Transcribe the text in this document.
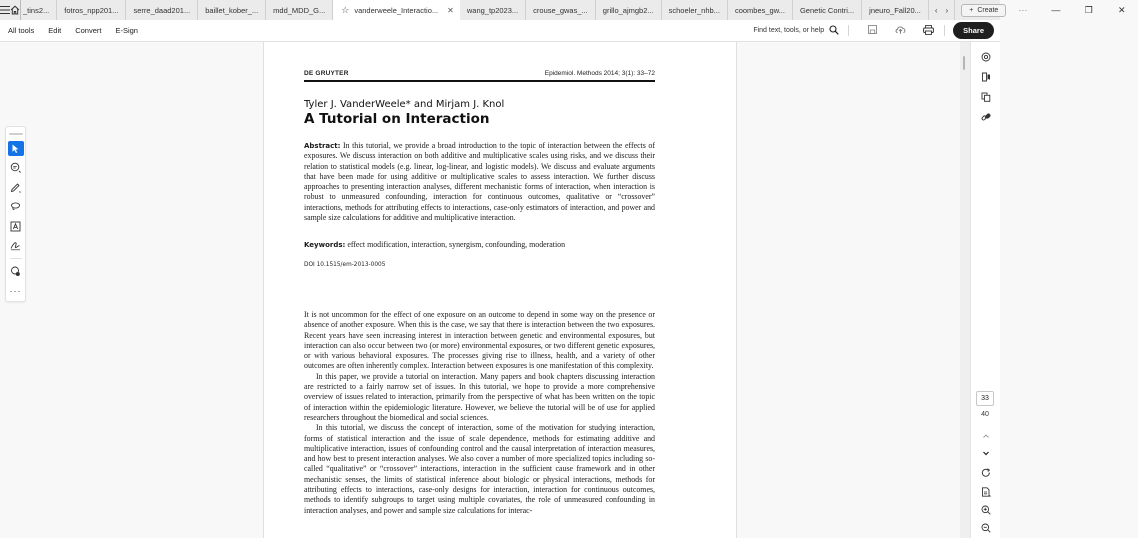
_tins2... fotros_npp201... serre_daad201... baillet_kober_... mdd_MDD_G... ☆ vanderweele_Interactio... ✕ wang_tp2023... crouse_gwas_... grillo_ajmgb2... schoeler_nhb... coombes_gw... Genetic Contri... jneuro_Fall20... ‹ ›	+ Create	···	—	❐	✕
All tools Edit Convert E-Sign	Find text, tools, or help	Share
DE GRUYTER	Epidemiol. Methods 2014; 3(1): 33–72
Tyler J. VanderWeele* and Mirjam J. Knol
A Tutorial on Interaction
Abstract: In this tutorial, we provide a broad introduction to the topic of interaction between the effects of exposures. We discuss interaction on both additive and multiplicative scales using risks, and we discuss their relation to statistical models (e.g. linear, log-linear, and logistic models). We discuss and evaluate arguments that have been made for using additive or multiplicative scales to assess interaction. We further discuss approaches to presenting interaction analyses, different mechanistic forms of interaction, when interaction is robust to unmeasured confounding, interaction for continuous outcomes, qualitative or “crossover” interactions, methods for attributing effects to interactions, case-only estimators of interaction, and power and sample size calculations for additive and multiplicative interaction.
Keywords: effect modification, interaction, synergism, confounding, moderation
DOI 10.1515/em-2013-0005

It is not uncommon for the effect of one exposure on an outcome to depend in some way on the presence or absence of another exposure. When this is the case, we say that there is interaction between the two exposures. Recent years have seen increasing interest in interaction between genetic and environmental exposures, but interaction can also occur between two (or more) environmental exposures, or two different genetic exposures, or with various behavioral exposures. The processes giving rise to illness, health, and a variety of other outcomes are often inherently complex. Interaction between exposures is one manifestation of this complexity.

In this paper, we provide a tutorial on interaction. Many papers and book chapters discussing interaction are restricted to a fairly narrow set of issues. In this tutorial, we hope to provide a more comprehensive overview of issues related to interaction, primarily from the perspective of what has been written on the topic of interaction within the epidemiologic literature. However, we believe the tutorial will be of use for applied researchers throughout the biomedical and social sciences.

In this tutorial, we discuss the concept of interaction, some of the motivation for studying interaction, forms of statistical interaction and the issue of scale dependence, methods for estimating additive and multiplicative interaction, issues of confounding control and the causal interpretation of interaction measures, and how best to present interaction analyses. We also cover a number of more specialized topics including so-called “qualitative” or “crossover” interactions, interaction in the sufficient cause framework and in other mechanistic senses, the limits of statistical inference about biologic or physical interactions, methods for attributing effects to interactions, case-only designs for interaction, interaction for continuous outcomes, methods to identify subgroups to target using multiple covariates, the role of unmeasured confounding in interaction analyses, and power and sample size calculations for interac-

···
33
40
